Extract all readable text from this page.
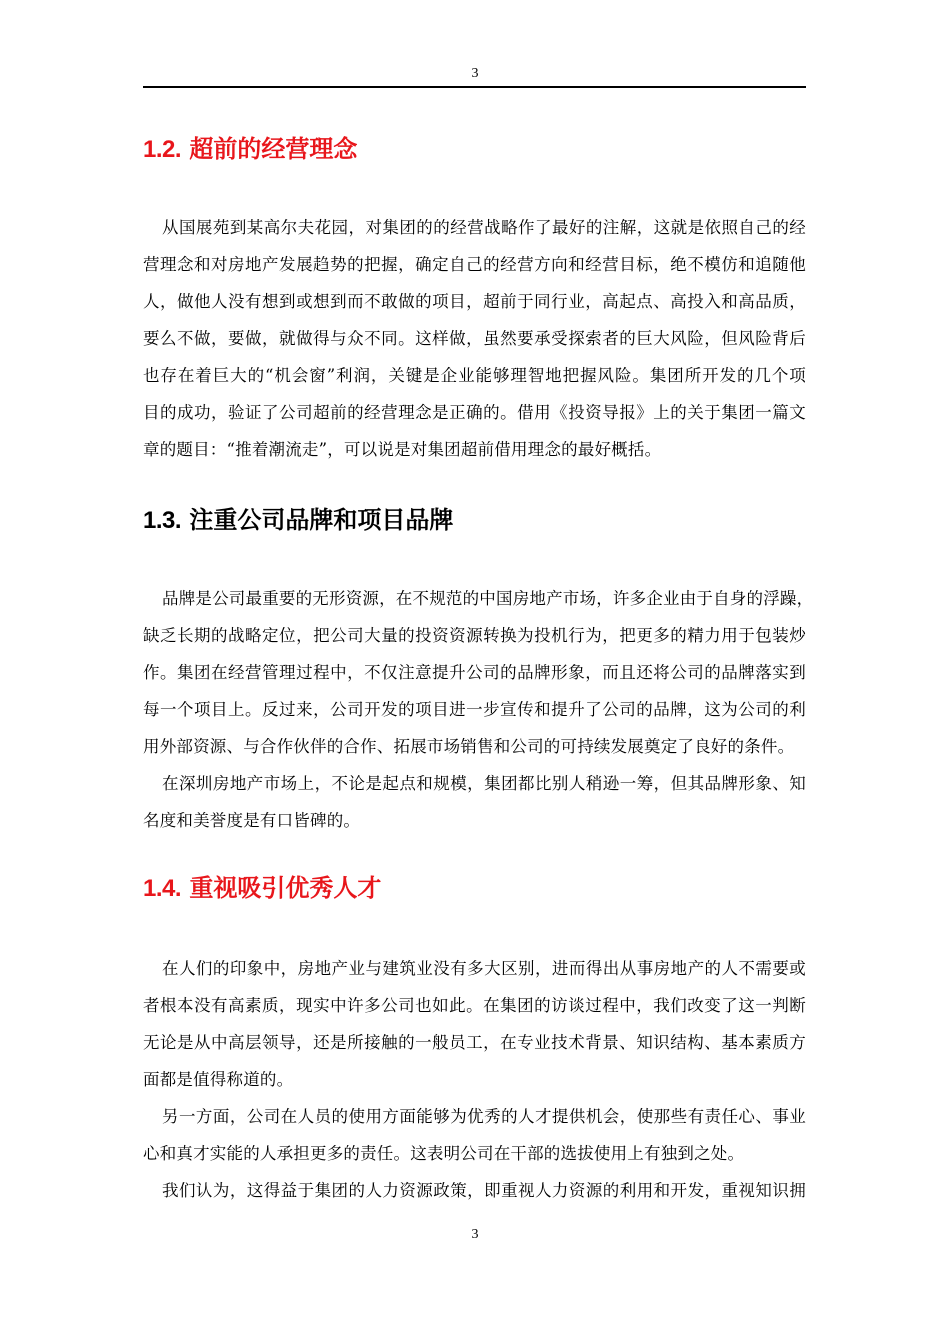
3
1.2. 超前的经营理念
从国展苑到某高尔夫花园，对集团的的经营战略作了最好的注解，这就是依照自己的经
营理念和对房地产发展趋势的把握，确定自己的经营方向和经营目标，绝不模仿和追随他
人，做他人没有想到或想到而不敢做的项目，超前于同行业，高起点、高投入和高品质，
要么不做，要做，就做得与众不同。这样做，虽然要承受探索者的巨大风险，但风险背后
也存在着巨大的“机会窗”利润，关键是企业能够理智地把握风险。集团所开发的几个项
目的成功，验证了公司超前的经营理念是正确的。借用《投资导报》上的关于集团一篇文
章的题目：“推着潮流走”，可以说是对集团超前借用理念的最好概括。
1.3. 注重公司品牌和项目品牌
品牌是公司最重要的无形资源，在不规范的中国房地产市场，许多企业由于自身的浮躁，
缺乏长期的战略定位，把公司大量的投资资源转换为投机行为，把更多的精力用于包装炒
作。集团在经营管理过程中，不仅注意提升公司的品牌形象，而且还将公司的品牌落实到
每一个项目上。反过来，公司开发的项目进一步宣传和提升了公司的品牌，这为公司的利
用外部资源、与合作伙伴的合作、拓展市场销售和公司的可持续发展奠定了良好的条件。
在深圳房地产市场上，不论是起点和规模，集团都比别人稍逊一筹，但其品牌形象、知
名度和美誉度是有口皆碑的。
1.4. 重视吸引优秀人才
在人们的印象中，房地产业与建筑业没有多大区别，进而得出从事房地产的人不需要或
者根本没有高素质，现实中许多公司也如此。在集团的访谈过程中，我们改变了这一判断
无论是从中高层领导，还是所接触的一般员工，在专业技术背景、知识结构、基本素质方
面都是值得称道的。
另一方面，公司在人员的使用方面能够为优秀的人才提供机会，使那些有责任心、事业
心和真才实能的人承担更多的责任。这表明公司在干部的选拔使用上有独到之处。
我们认为，这得益于集团的人力资源政策，即重视人力资源的利用和开发，重视知识拥
3
